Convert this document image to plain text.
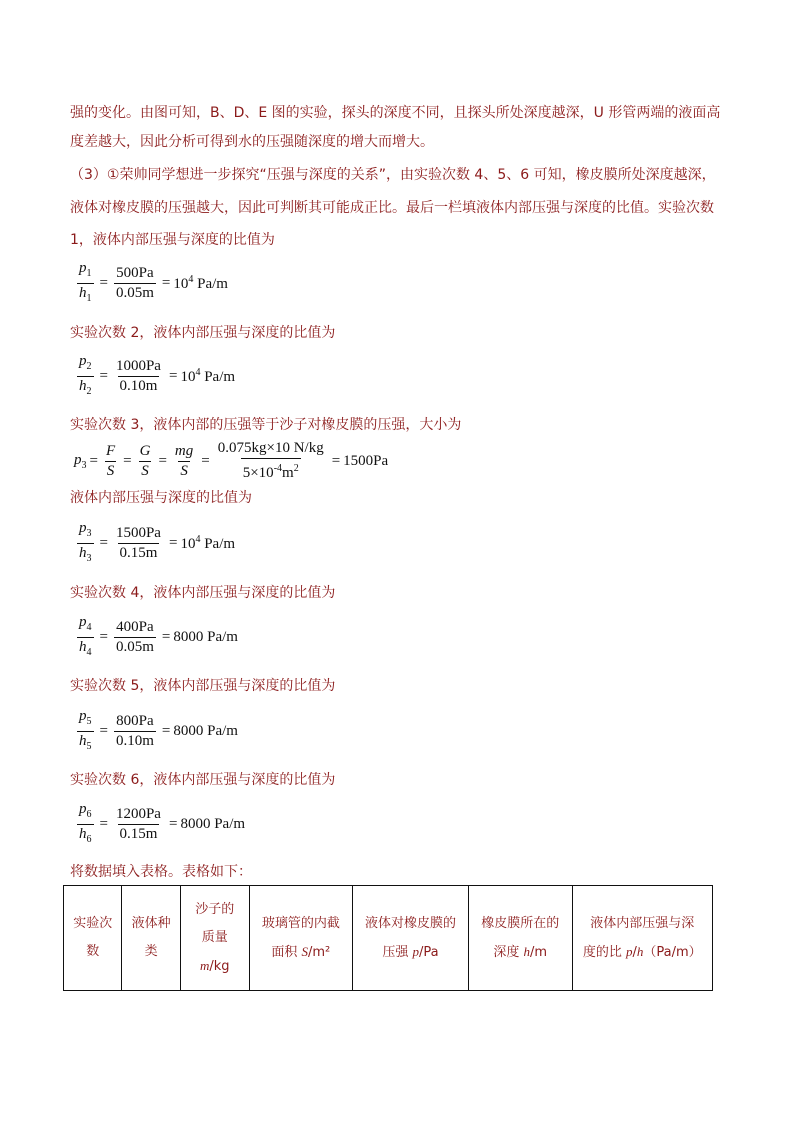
强的变化。由图可知，B、D、E 图的实验，探头的深度不同，且探头所处深度越深，U 形管两端的液面高
度差越大，因此分析可得到水的压强随深度的增大而增大。
（3）①荣帅同学想进一步探究“压强与深度的关系”，由实验次数 4、5、6 可知，橡皮膜所处深度越深，
液体对橡皮膜的压强越大，因此可判断其可能成正比。最后一栏填液体内部压强与深度的比值。实验次数
1，液体内部压强与深度的比值为
$\frac{p_1}{h_1} = \frac{500Pa}{0.05m} = 10^4$ Pa/m
实验次数 2，液体内部压强与深度的比值为
$\frac{p_2}{h_2} = \frac{1000Pa}{0.10m} = 10^4$ Pa/m
实验次数 3，液体内部的压强等于沙子对橡皮膜的压强，大小为
$p_3 = \frac{F}{S} = \frac{G}{S} = \frac{mg}{S} = \frac{0.075kg\times 10 N/kg}{5\times 10^{-4}m^2} = 1500Pa$
液体内部压强与深度的比值为
$\frac{p_3}{h_3} = \frac{1500Pa}{0.15m} = 10^4$ Pa/m
实验次数 4，液体内部压强与深度的比值为
$\frac{p_4}{h_4} = \frac{400Pa}{0.05m} = 8000$ Pa/m
实验次数 5，液体内部压强与深度的比值为
$\frac{p_5}{h_5} = \frac{800Pa}{0.10m} = 8000$ Pa/m
实验次数 6，液体内部压强与深度的比值为
$\frac{p_6}{h_6} = \frac{1200Pa}{0.15m} = 8000$ Pa/m
将数据填入表格。表格如下：
实验次
数	液体种
类	沙子的
质量
m/kg	玻璃管的内截
面积 S/m²	液体对橡皮膜的
压强 p/Pa	橡皮膜所在的
深度 h/m	液体内部压强与深
度的比 p/h（Pa/m）
